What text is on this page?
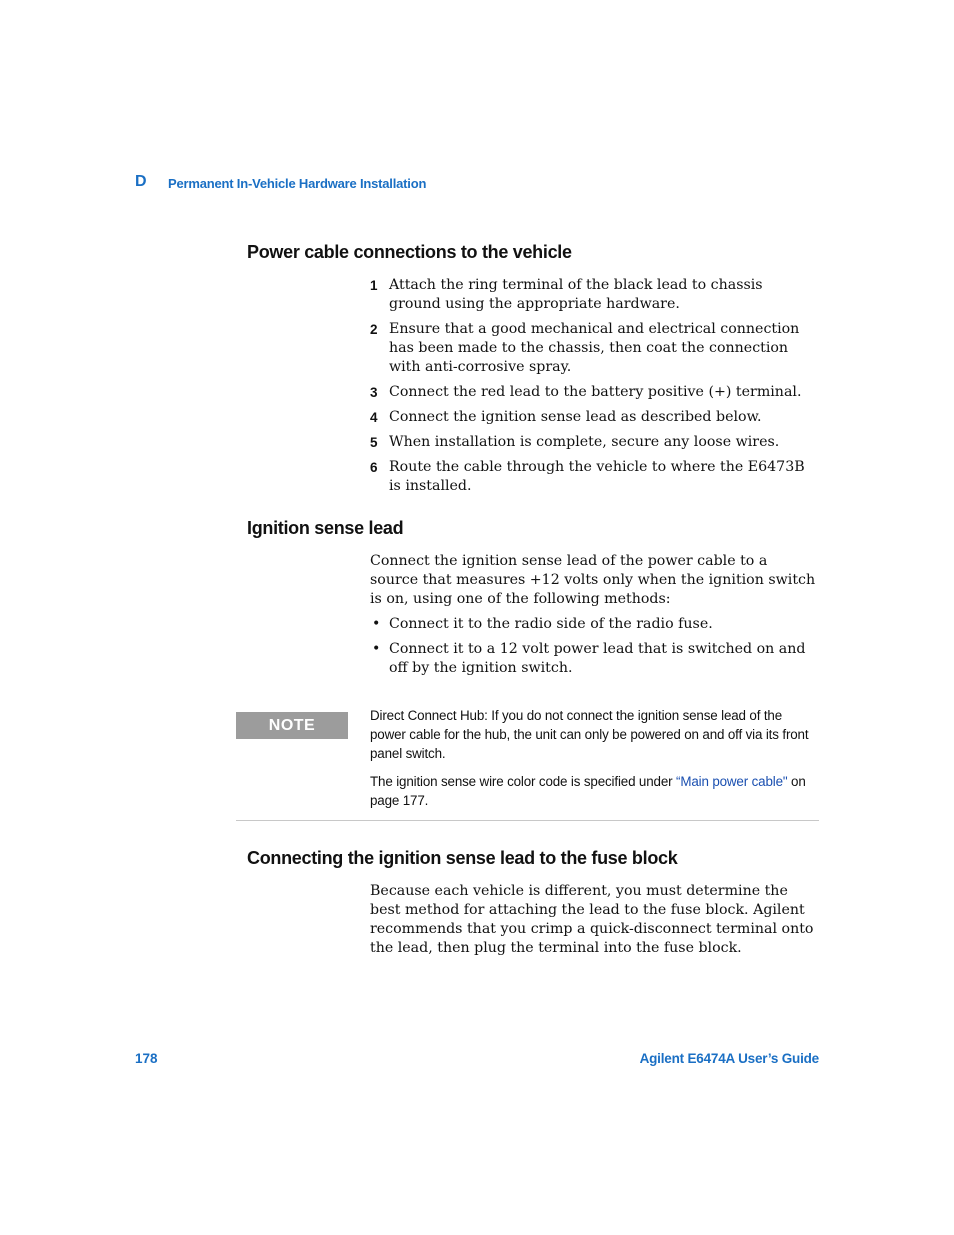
D Permanent In-Vehicle Hardware Installation
Power cable connections to the vehicle
1 Attach the ring terminal of the black lead to chassis ground using the appropriate hardware.
2 Ensure that a good mechanical and electrical connection has been made to the chassis, then coat the connection with anti-corrosive spray.
3 Connect the red lead to the battery positive (+) terminal.
4 Connect the ignition sense lead as described below.
5 When installation is complete, secure any loose wires.
6 Route the cable through the vehicle to where the E6473B is installed.
Ignition sense lead

Connect the ignition sense lead of the power cable to a source that measures +12 volts only when the ignition switch is on, using one of the following methods:

• Connect it to the radio side of the radio fuse.
• Connect it to a 12 volt power lead that is switched on and off by the ignition switch.
NOTE

Direct Connect Hub: If you do not connect the ignition sense lead of the power cable for the hub, the unit can only be powered on and off via its front panel switch.

The ignition sense wire color code is specified under “Main power cable" on page 177.

Connecting the ignition sense lead to the fuse block

Because each vehicle is different, you must determine the best method for attaching the lead to the fuse block. Agilent recommends that you crimp a quick-disconnect terminal onto the lead, then plug the terminal into the fuse block.

178	Agilent E6474A User’s Guide
